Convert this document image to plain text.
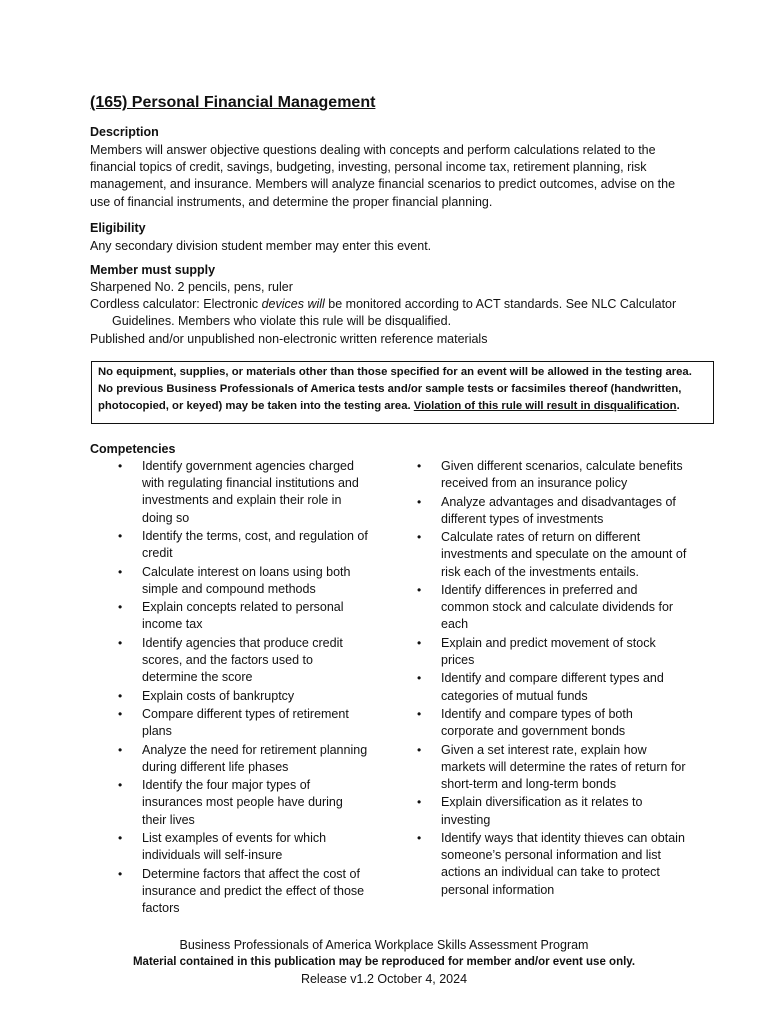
(165) Personal Financial Management
Description

Members will answer objective questions dealing with concepts and perform calculations related to the financial topics of credit, savings, budgeting, investing, personal income tax, retirement planning, risk management, and insurance. Members will analyze financial scenarios to predict outcomes, advise on the use of financial instruments, and determine the proper financial planning.

Eligibility

Any secondary division student member may enter this event.

Member must supply

Sharpened No. 2 pencils, pens, ruler

Cordless calculator: Electronic devices will be monitored according to ACT standards. See NLC Calculator Guidelines. Members who violate this rule will be disqualified.

Published and/or unpublished non-electronic written reference materials

No equipment, supplies, or materials other than those specified for an event will be allowed in the testing area. No previous Business Professionals of America tests and/or sample tests or facsimiles thereof (handwritten, photocopied, or keyed) may be taken into the testing area. Violation of this rule will result in disqualification.
Competencies
• Identify government agencies charged with regulating financial institutions and investments and explain their role in doing so
• Identify the terms, cost, and regulation of credit
• Calculate interest on loans using both simple and compound methods
• Explain concepts related to personal income tax
• Identify agencies that produce credit scores, and the factors used to determine the score
• Explain costs of bankruptcy
• Compare different types of retirement plans
• Analyze the need for retirement planning during different life phases
• Identify the four major types of insurances most people have during their lives
• List examples of events for which individuals will self-insure
• Determine factors that affect the cost of insurance and predict the effect of those factors
• Given different scenarios, calculate benefits received from an insurance policy
• Analyze advantages and disadvantages of different types of investments
• Calculate rates of return on different investments and speculate on the amount of risk each of the investments entails.
• Identify differences in preferred and common stock and calculate dividends for each
• Explain and predict movement of stock prices
• Identify and compare different types and categories of mutual funds
• Identify and compare types of both corporate and government bonds
• Given a set interest rate, explain how markets will determine the rates of return for short-term and long-term bonds
• Explain diversification as it relates to investing
• Identify ways that identity thieves can obtain someone’s personal information and list actions an individual can take to protect personal information

Business Professionals of America Workplace Skills Assessment Program

Material contained in this publication may be reproduced for member and/or event use only.

Release v1.2 October 4, 2024
